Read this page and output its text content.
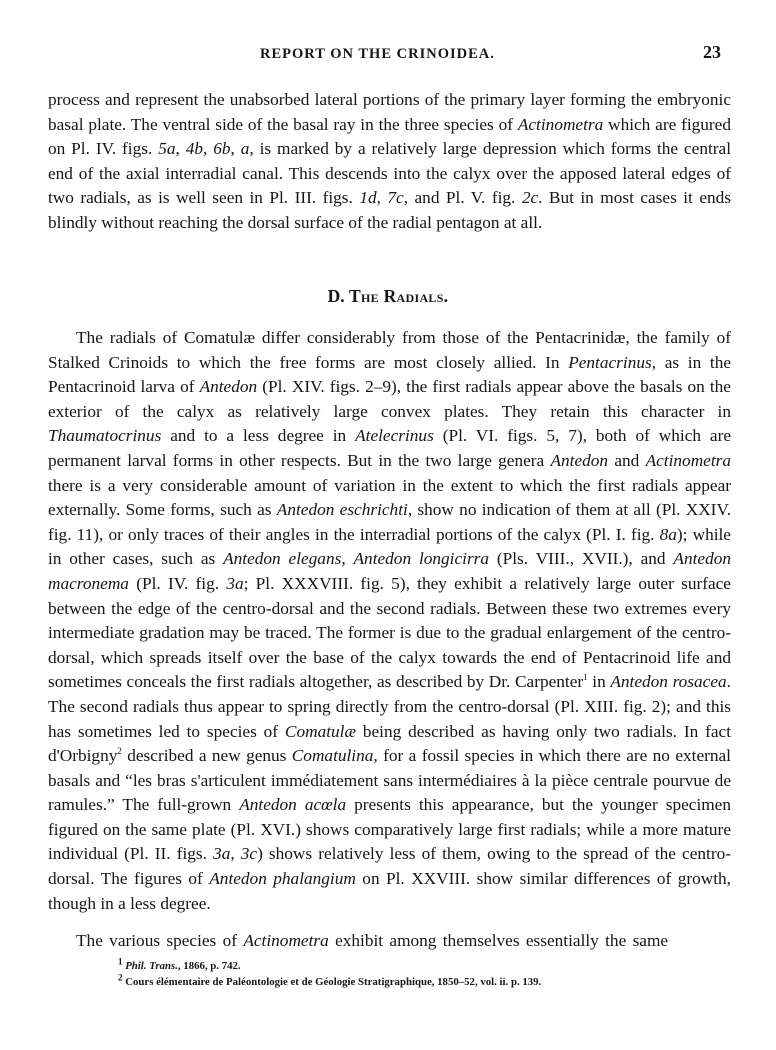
REPORT ON THE CRINOIDEA.	23

process and represent the unabsorbed lateral portions of the primary layer forming the embryonic basal plate. The ventral side of the basal ray in the three species of Actinometra which are figured on Pl. IV. figs. 5a, 4b, 6b, a, is marked by a relatively large depression which forms the central end of the axial interradial canal. This descends into the calyx over the apposed lateral edges of two radials, as is well seen in Pl. III. figs. 1d, 7c, and Pl. V. fig. 2c. But in most cases it ends blindly without reaching the dorsal surface of the radial pentagon at all.

D. The Radials.

The radials of Comatulæ differ considerably from those of the Pentacrinidæ, the family of Stalked Crinoids to which the free forms are most closely allied. In Pentacrinus, as in the Pentacrinoid larva of Antedon (Pl. XIV. figs. 2–9), the first radials appear above the basals on the exterior of the calyx as relatively large convex plates. They retain this character in Thaumatocrinus and to a less degree in Atelecrinus (Pl. VI. figs. 5, 7), both of which are permanent larval forms in other respects. But in the two large genera Antedon and Actinometra there is a very considerable amount of variation in the extent to which the first radials appear externally. Some forms, such as Antedon eschrichti, show no indication of them at all (Pl. XXIV. fig. 11), or only traces of their angles in the interradial portions of the calyx (Pl. I. fig. 8a); while in other cases, such as Antedon elegans, Antedon longicirra (Pls. VIII., XVII.), and Antedon macronema (Pl. IV. fig. 3a; Pl. XXXVIII. fig. 5), they exhibit a relatively large outer surface between the edge of the centro-dorsal and the second radials. Between these two extremes every intermediate gradation may be traced. The former is due to the gradual enlargement of the centro-dorsal, which spreads itself over the base of the calyx towards the end of Pentacrinoid life and sometimes conceals the first radials altogether, as described by Dr. Carpenter$^1$ in Antedon rosacea. The second radials thus appear to spring directly from the centro-dorsal (Pl. XIII. fig. 2); and this has sometimes led to species of Comatulæ being described as having only two radials. In fact d'Orbigny$^2$ described a new genus Comatulina, for a fossil species in which there are no external basals and “les bras s'articulent immédiatement sans intermédiaires à la pièce centrale pourvue de ramules.” The full-grown Antedon acœla presents this appearance, but the younger specimen figured on the same plate (Pl. XVI.) shows comparatively large first radials; while a more mature individual (Pl. II. figs. 3a, 3c) shows relatively less of them, owing to the spread of the centro-dorsal. The figures of Antedon phalangium on Pl. XXVIII. show similar differences of growth, though in a less degree.

The various species of Actinometra exhibit among themselves essentially the same

$^1$ Phil. Trans., 1866, p. 742.

$^2$ Cours élémentaire de Paléontologie et de Géologie Stratigraphique, 1850–52, vol. ii. p. 139.
